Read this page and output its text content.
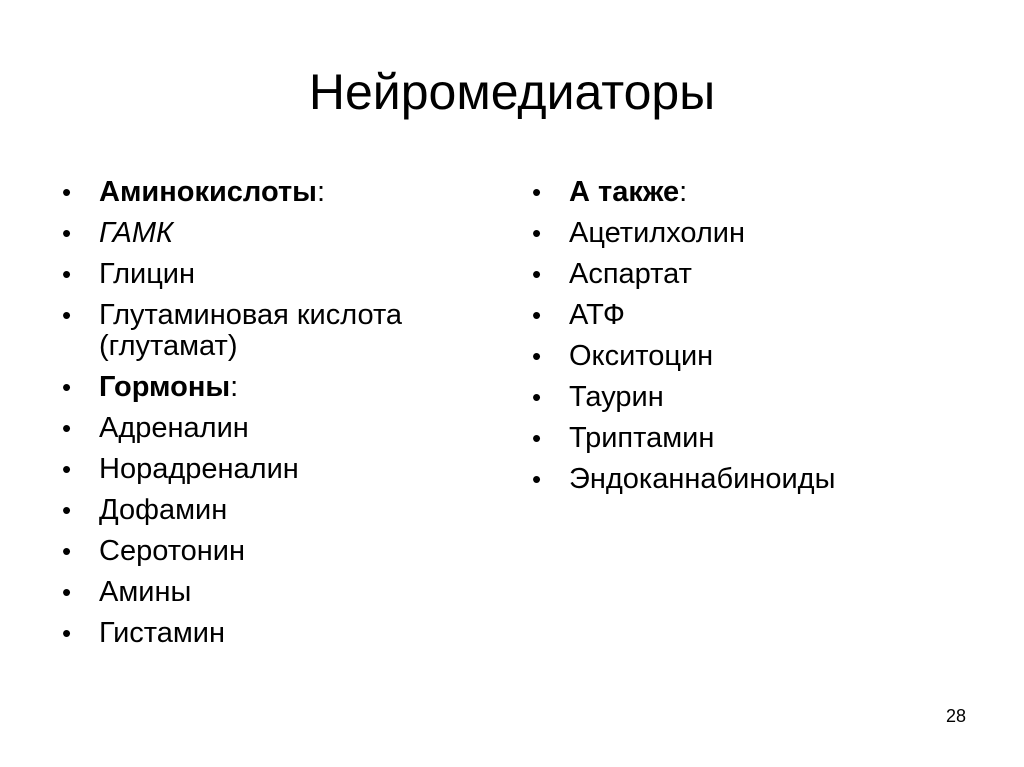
Нейромедиаторы
• Аминокислоты:
• ГАМК
• Глицин
• Глутаминовая кислота (глутамат)
• Гормоны:
• Адреналин
• Норадреналин
• Дофамин
• Серотонин
• Амины
• Гистамин
• А также:
• Ацетилхолин
• Аспартат
• АТФ
• Окситоцин
• Таурин
• Триптамин
• Эндоканнабиноиды
28
